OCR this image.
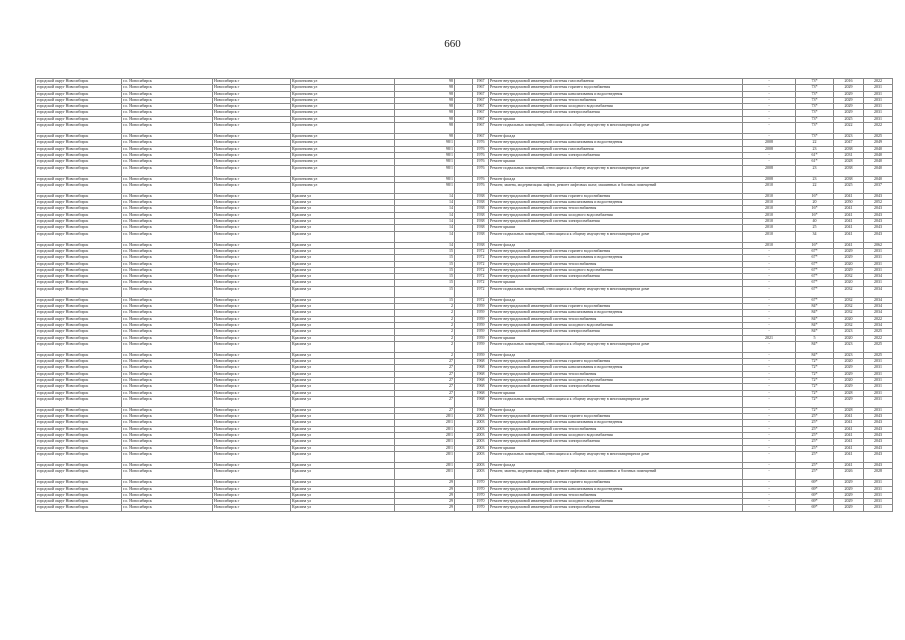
660
городской округ Новосибирск	г.о. Новосибирск	Новосибирск г	Кропоткина ул	98		1967	Ремонт внутридомовой инженерной системы газоснабжения	-	73*	2016	2022
городской округ Новосибирск	г.о. Новосибирск	Новосибирск г	Кропоткина ул	98		1967	Ремонт внутридомовой инженерной системы горячего водоснабжения	-	73*	2029	2031
городской округ Новосибирск	г.о. Новосибирск	Новосибирск г	Кропоткина ул	98		1967	Ремонт внутридомовой инженерной системы канализования и водоотведения	-	73*	2029	2031
городской округ Новосибирск	г.о. Новосибирск	Новосибирск г	Кропоткина ул	98		1967	Ремонт внутридомовой инженерной системы теплоснабжения	-	73*	2029	2031
городской округ Новосибирск	г.о. Новосибирск	Новосибирск г	Кропоткина ул	98		1967	Ремонт внутридомовой инженерной системы холодного водоснабжения	-	73*	2029	2031
городской округ Новосибирск	г.о. Новосибирск	Новосибирск г	Кропоткина ул	98		1967	Ремонт внутридомовой инженерной системы электроснабжения	-	73*	2029	2031
городской округ Новосибирск	г.о. Новосибирск	Новосибирск г	Кропоткина ул	98		1967	Ремонт крыши	-	73*	2025	2031
городской округ Новосибирск	г.о. Новосибирск	Новосибирск г	Кропоткина ул	98		1967	Ремонт подвальных помещений, относящихся к общему имуществу в многоквартирном доме	-	73*	2022	2022
городской округ Новосибирск	г.о. Новосибирск	Новосибирск г	Кропоткина ул	98		1967	Ремонт фасада	-	73*	2023	2025
городской округ Новосибирск	г.о. Новосибирск	Новосибирск г	Кропоткина ул	98/1		1976	Ремонт внутридомовой инженерной системы канализования и водоотведения	2008	22	2047	2049
городской округ Новосибирск	г.о. Новосибирск	Новосибирск г	Кропоткина ул	98/1		1976	Ремонт внутридомовой инженерной системы газоснабжения	2008	23	2038	2040
городской округ Новосибирск	г.о. Новосибирск	Новосибирск г	Кропоткина ул	98/1		1976	Ремонт внутридомовой инженерной системы электроснабжения	-	61*	2031	2040
городской округ Новосибирск	г.о. Новосибирск	Новосибирск г	Кропоткина ул	98/1		1976	Ремонт крыши	-	61*	2028	2040
городской округ Новосибирск	г.о. Новосибирск	Новосибирск г	Кропоткина ул	98/1		1976	Ремонт подвальных помещений, относящихся к общему имуществу в многоквартирном доме	2008	23	2038	2040
городской округ Новосибирск	г.о. Новосибирск	Новосибирск г	Кропоткина ул	98/1		1976	Ремонт фасада	2008	23	2038	2040
городской округ Новосибирск	г.о. Новосибирск	Новосибирск г	Кропоткина ул	98/1		1976	Ремонт, замена, модернизация лифтов, ремонт лифтовых шахт, машинных и блочных помещений	2010	22	2025	2037
городской округ Новосибирск	г.о. Новосибирск	Новосибирск г	Красина ул	14		1938	Ремонт внутридомовой инженерной системы горячего водоснабжения	2010	16*	2041	2043
городской округ Новосибирск	г.о. Новосибирск	Новосибирск г	Красина ул	14		1938	Ремонт внутридомовой инженерной системы канализования и водоотведения	2010	20	2050	2052
городской округ Новосибирск	г.о. Новосибирск	Новосибирск г	Красина ул	14		1938	Ремонт внутридомовой инженерной системы теплоснабжения	2010	16*	2041	2043
городской округ Новосибирск	г.о. Новосибирск	Новосибирск г	Красина ул	14		1938	Ремонт внутридомовой инженерной системы холодного водоснабжения	2010	16*	2041	2043
городской округ Новосибирск	г.о. Новосибирск	Новосибирск г	Красина ул	14		1938	Ремонт внутридомовой инженерной системы электроснабжения	2010	40	2041	2043
городской округ Новосибирск	г.о. Новосибирск	Новосибирск г	Красина ул	14		1938	Ремонт крыши	2010	25	2041	2043
городской округ Новосибирск	г.о. Новосибирск	Новосибирск г	Красина ул	14		1938	Ремонт подвальных помещений, относящихся к общему имуществу в многоквартирном доме	2010	34	2041	2043
городской округ Новосибирск	г.о. Новосибирск	Новосибирск г	Красина ул	14		1938	Ремонт фасада	2010	16*	2041	2062
городской округ Новосибирск	г.о. Новосибирск	Новосибирск г	Красина ул	15		1972	Ремонт внутридомовой инженерной системы горячего водоснабжения	-	67*	2029	2031
городской округ Новосибирск	г.о. Новосибирск	Новосибирск г	Красина ул	15		1972	Ремонт внутридомовой инженерной системы канализования и водоотведения	-	67*	2029	2031
городской округ Новосибирск	г.о. Новосибирск	Новосибирск г	Красина ул	15		1972	Ремонт внутридомовой инженерной системы теплоснабжения	-	67*	2020	2031
городской округ Новосибирск	г.о. Новосибирск	Новосибирск г	Красина ул	15		1972	Ремонт внутридомовой инженерной системы холодного водоснабжения	-	67*	2029	2031
городской округ Новосибирск	г.о. Новосибирск	Новосибирск г	Красина ул	15		1972	Ремонт внутридомовой инженерной системы электроснабжения	-	67*	2032	2034
городской округ Новосибирск	г.о. Новосибирск	Новосибирск г	Красина ул	15		1972	Ремонт крыши	-	67*	2020	2031
городской округ Новосибирск	г.о. Новосибирск	Новосибирск г	Красина ул	15		1972	Ремонт подвальных помещений, относящихся к общему имуществу в многоквартирном доме	-	67*	2032	2034
городской округ Новосибирск	г.о. Новосибирск	Новосибирск г	Красина ул	15		1972	Ремонт фасада	-	67*	2032	2034
городской округ Новосибирск	г.о. Новосибирск	Новосибирск г	Красина ул	2		1959	Ремонт внутридомовой инженерной системы горячего водоснабжения	-	84*	2032	2034
городской округ Новосибирск	г.о. Новосибирск	Новосибирск г	Красина ул	2		1959	Ремонт внутридомовой инженерной системы канализования и водоотведения	-	84*	2032	2034
городской округ Новосибирск	г.о. Новосибирск	Новосибирск г	Красина ул	2		1959	Ремонт внутридомовой инженерной системы теплоснабжения	-	84*	2020	2022
городской округ Новосибирск	г.о. Новосибирск	Новосибирск г	Красина ул	2		1959	Ремонт внутридомовой инженерной системы холодного водоснабжения	-	84*	2032	2034
городской округ Новосибирск	г.о. Новосибирск	Новосибирск г	Красина ул	2		1959	Ремонт внутридомовой инженерной системы электроснабжения	-	84*	2023	2025
городской округ Новосибирск	г.о. Новосибирск	Новосибирск г	Красина ул	2		1959	Ремонт крыши	2021	5	2020	2022
городской округ Новосибирск	г.о. Новосибирск	Новосибирск г	Красина ул	2		1959	Ремонт подвальных помещений, относящихся к общему имуществу в многоквартирном доме	-	84*	2023	2025
городской округ Новосибирск	г.о. Новосибирск	Новосибирск г	Красина ул	2		1959	Ремонт фасада	-	84*	2023	2025
городской округ Новосибирск	г.о. Новосибирск	Новосибирск г	Красина ул	27		1968	Ремонт внутридомовой инженерной системы горячего водоснабжения	-	72*	2020	2031
городской округ Новосибирск	г.о. Новосибирск	Новосибирск г	Красина ул	27		1968	Ремонт внутридомовой инженерной системы канализования и водоотведения	-	72*	2029	2031
городской округ Новосибирск	г.о. Новосибирск	Новосибирск г	Красина ул	27		1968	Ремонт внутридомовой инженерной системы теплоснабжения	-	72*	2029	2031
городской округ Новосибирск	г.о. Новосибирск	Новосибирск г	Красина ул	27		1968	Ремонт внутридомовой инженерной системы холодного водоснабжения	-	72*	2020	2031
городской округ Новосибирск	г.о. Новосибирск	Новосибирск г	Красина ул	27		1968	Ремонт внутридомовой инженерной системы электроснабжения	-	72*	2029	2031
городской округ Новосибирск	г.о. Новосибирск	Новосибирск г	Красина ул	27		1968	Ремонт крыши	-	72*	2028	2031
городской округ Новосибирск	г.о. Новосибирск	Новосибирск г	Красина ул	27		1968	Ремонт подвальных помещений, относящихся к общему имуществу в многоквартирном доме	-	72*	2029	2031
городской округ Новосибирск	г.о. Новосибирск	Новосибирск г	Красина ул	27		1968	Ремонт фасада	-	72*	2028	2031
городской округ Новосибирск	г.о. Новосибирск	Новосибирск г	Красина ул	28/1		2003	Ремонт внутридомовой инженерной системы горячего водоснабжения	-	25*	2041	2043
городской округ Новосибирск	г.о. Новосибирск	Новосибирск г	Красина ул	28/1		2003	Ремонт внутридомовой инженерной системы канализования и водоотведения	-	25*	2041	2043
городской округ Новосибирск	г.о. Новосибирск	Новосибирск г	Красина ул	28/1		2003	Ремонт внутридомовой инженерной системы теплоснабжения	-	25*	2041	2043
городской округ Новосибирск	г.о. Новосибирск	Новосибирск г	Красина ул	28/1		2003	Ремонт внутридомовой инженерной системы холодного водоснабжения	-	25*	2041	2043
городской округ Новосибирск	г.о. Новосибирск	Новосибирск г	Красина ул	28/1		2003	Ремонт внутридомовой инженерной системы электроснабжения	-	25*	2041	2043
городской округ Новосибирск	г.о. Новосибирск	Новосибирск г	Красина ул	28/1		2003	Ремонт крыши	-	25*	2041	2043
городской округ Новосибирск	г.о. Новосибирск	Новосибирск г	Красина ул	28/1		2003	Ремонт подвальных помещений, относящихся к общему имуществу в многоквартирном доме	-	25*	2041	2043
городской округ Новосибирск	г.о. Новосибирск	Новосибирск г	Красина ул	28/1		2003	Ремонт фасада	-	25*	2041	2043
городской округ Новосибирск	г.о. Новосибирск	Новосибирск г	Красина ул	28/1		2003	Ремонт, замена, модернизация лифтов, ремонт лифтовых шахт, машинных и блочных помещений	-	25*	2026	2028
городской округ Новосибирск	г.о. Новосибирск	Новосибирск г	Красина ул	29		1970	Ремонт внутридомовой инженерной системы горячего водоснабжения	-	69*	2029	2031
городской округ Новосибирск	г.о. Новосибирск	Новосибирск г	Красина ул	29		1970	Ремонт внутридомовой инженерной системы канализования и водоотведения	-	69*	2029	2031
городской округ Новосибирск	г.о. Новосибирск	Новосибирск г	Красина ул	29		1970	Ремонт внутридомовой инженерной системы теплоснабжения	-	69*	2029	2031
городской округ Новосибирск	г.о. Новосибирск	Новосибирск г	Красина ул	29		1970	Ремонт внутридомовой инженерной системы холодного водоснабжения	-	69*	2029	2031
городской округ Новосибирск	г.о. Новосибирск	Новосибирск г	Красина ул	29		1970	Ремонт внутридомовой инженерной системы электроснабжения	-	69*	2029	2031
